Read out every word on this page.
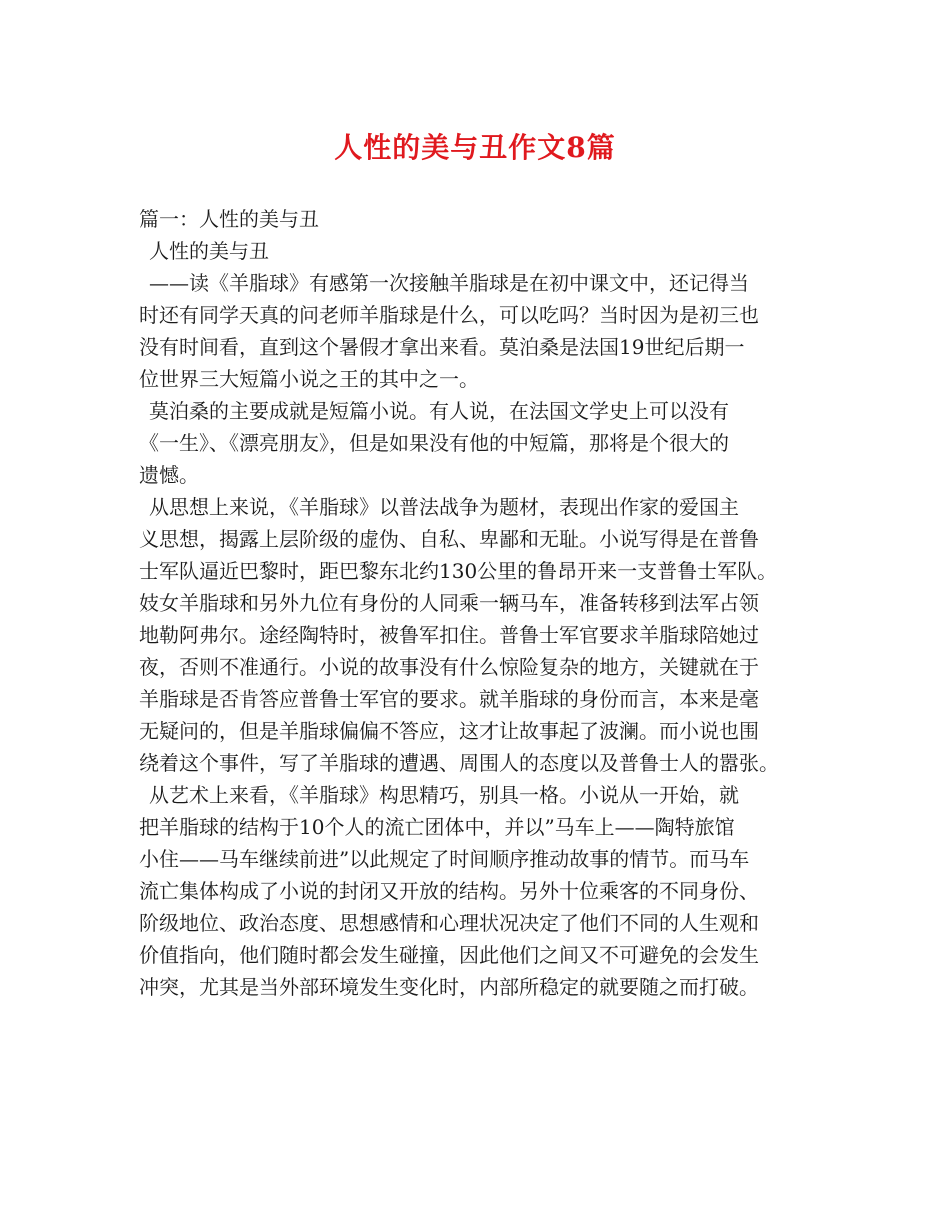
人性的美与丑作文8篇
篇一：人性的美与丑
人性的美与丑
——读《羊脂球》有感第一次接触羊脂球是在初中课文中，还记得当
时还有同学天真的问老师羊脂球是什么，可以吃吗？当时因为是初三也
没有时间看，直到这个暑假才拿出来看。莫泊桑是法国19世纪后期一
位世界三大短篇小说之王的其中之一。
莫泊桑的主要成就是短篇小说。有人说，在法国文学史上可以没有
《一生》、《漂亮朋友》，但是如果没有他的中短篇，那将是个很大的
遗憾。
从思想上来说，《羊脂球》以普法战争为题材，表现出作家的爱国主
义思想，揭露上层阶级的虚伪、自私、卑鄙和无耻。小说写得是在普鲁
士军队逼近巴黎时，距巴黎东北约130公里的鲁昂开来一支普鲁士军队。
妓女羊脂球和另外九位有身份的人同乘一辆马车，准备转移到法军占领
地勒阿弗尔。途经陶特时，被鲁军扣住。普鲁士军官要求羊脂球陪她过
夜，否则不准通行。小说的故事没有什么惊险复杂的地方，关键就在于
羊脂球是否肯答应普鲁士军官的要求。就羊脂球的身份而言，本来是毫
无疑问的，但是羊脂球偏偏不答应，这才让故事起了波澜。而小说也围
绕着这个事件，写了羊脂球的遭遇、周围人的态度以及普鲁士人的嚣张。
从艺术上来看，《羊脂球》构思精巧，别具一格。小说从一开始，就
把羊脂球的结构于10个人的流亡团体中，并以”马车上——陶特旅馆
小住——马车继续前进”以此规定了时间顺序推动故事的情节。而马车
流亡集体构成了小说的封闭又开放的结构。另外十位乘客的不同身份、
阶级地位、政治态度、思想感情和心理状况决定了他们不同的人生观和
价值指向，他们随时都会发生碰撞，因此他们之间又不可避免的会发生
冲突，尤其是当外部环境发生变化时，内部所稳定的就要随之而打破。
